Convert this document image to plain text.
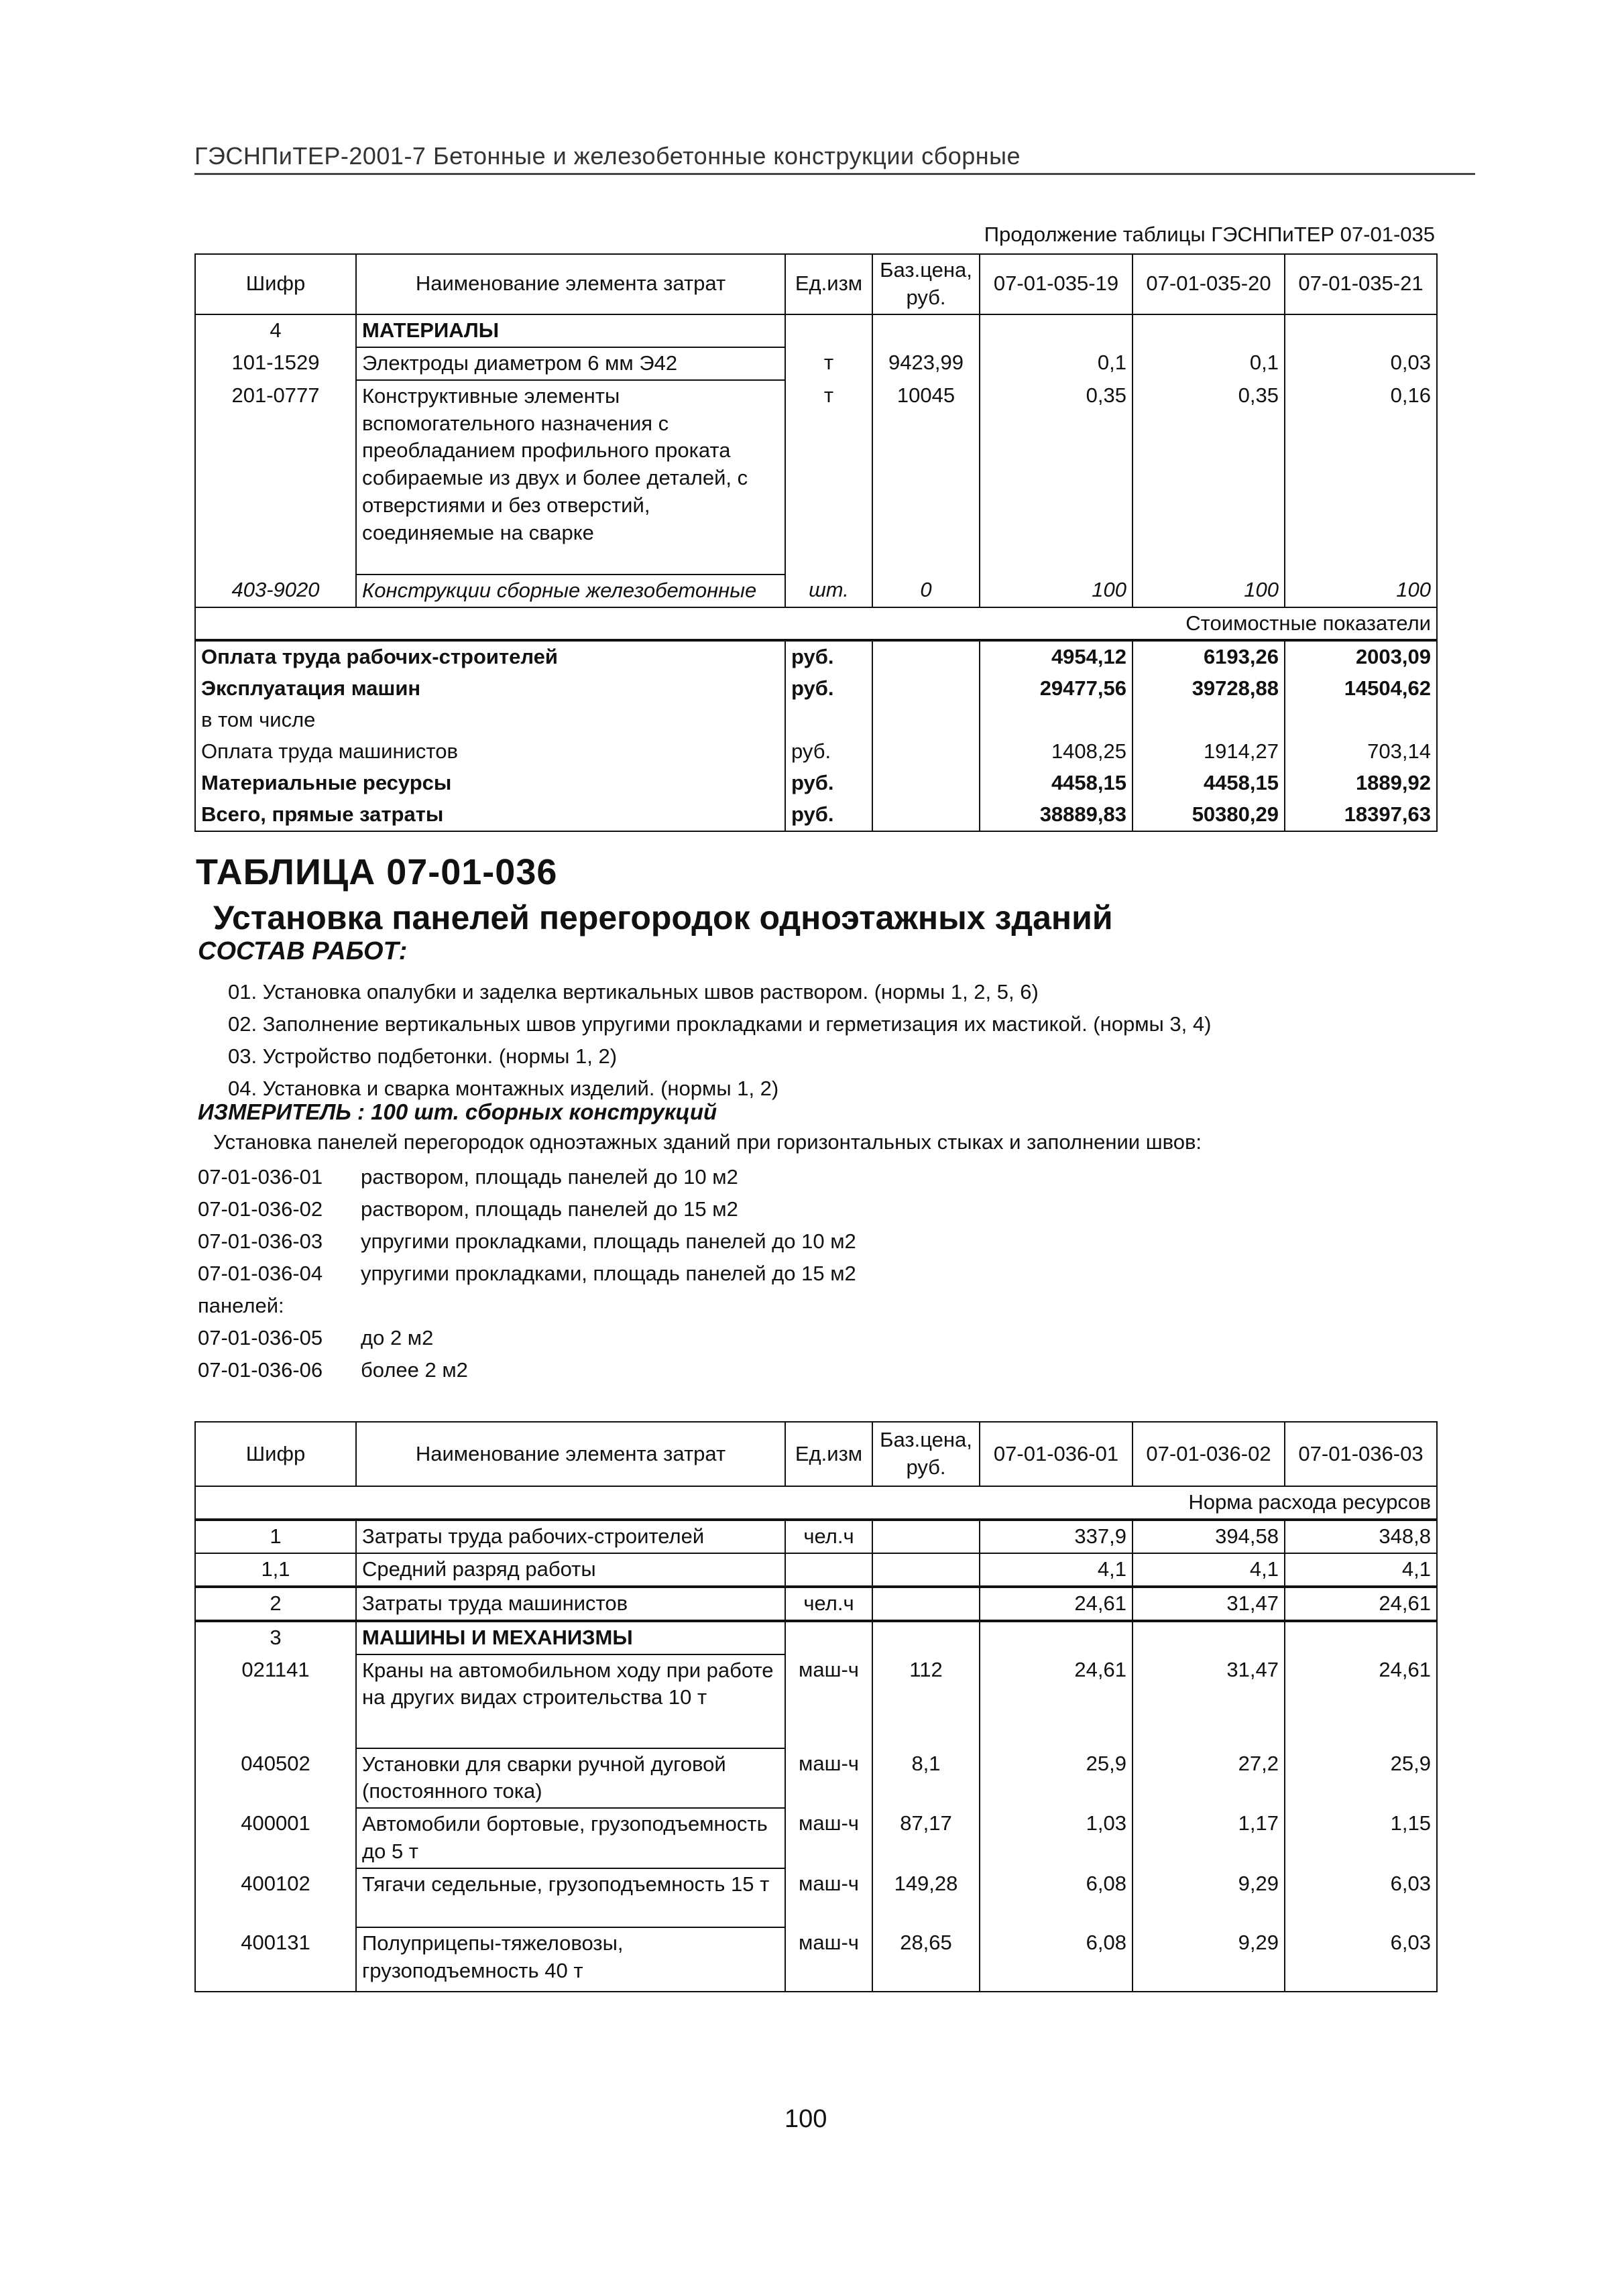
ГЭСНПиТЕР-2001-7 Бетонные и железобетонные конструкции сборные
Продолжение таблицы ГЭСНПиТЕР 07-01-035
Шифр	Наименование элемента затрат	Ед.изм	Баз.цена, руб.	07-01-035-19	07-01-035-20	07-01-035-21
4	МАТЕРИАЛЫ					
101-1529	Электроды диаметром 6 мм Э42	т	9423,99	0,1	0,1	0,03
201-0777	Конструктивные элементы вспомогательного назначения с преобладанием профильного проката собираемые из двух и более деталей, с отверстиями и без отверстий, соединяемые на сварке	т	10045	0,35	0,35	0,16
403-9020	Конструкции сборные железобетонные	шт.	0	100	100	100
Стоимостные показатели						
Оплата труда рабочих-строителей		руб.		4954,12	6193,26	2003,09
Эксплуатация машин		руб.		29477,56	39728,88	14504,62
в том числе						
Оплата труда машинистов		руб.		1408,25	1914,27	703,14
Материальные ресурсы		руб.		4458,15	4458,15	1889,92
Всего, прямые затраты		руб.		38889,83	50380,29	18397,63
ТАБЛИЦА 07-01-036
Установка панелей перегородок одноэтажных зданий
СОСТАВ РАБОТ:
01. Установка опалубки и заделка вертикальных швов раствором. (нормы 1, 2, 5, 6)
02. Заполнение вертикальных швов упругими прокладками и герметизация их мастикой. (нормы 3, 4)
03. Устройство подбетонки. (нормы 1, 2)
04. Установка и сварка монтажных изделий. (нормы 1, 2)
ИЗМЕРИТЕЛЬ : 100 шт. сборных конструкций
Установка панелей перегородок одноэтажных зданий при горизонтальных стыках и заполнении швов:
07-01-036-01 раствором, площадь панелей до 10 м2
07-01-036-02 раствором, площадь панелей до 15 м2
07-01-036-03 упругими прокладками, площадь панелей до 10 м2
07-01-036-04 упругими прокладками, площадь панелей до 15 м2
панелей:
07-01-036-05 до 2 м2
07-01-036-06 более 2 м2
Шифр	Наименование элемента затрат	Ед.изм	Баз.цена, руб.	07-01-036-01	07-01-036-02	07-01-036-03
Норма расхода ресурсов						
1	Затраты труда рабочих-строителей	чел.ч		337,9	394,58	348,8
1,1	Средний разряд работы			4,1	4,1	4,1
2	Затраты труда машинистов	чел.ч		24,61	31,47	24,61
3	МАШИНЫ И МЕХАНИЗМЫ					
021141	Краны на автомобильном ходу при работе на других видах строительства 10 т	маш-ч	112	24,61	31,47	24,61
040502	Установки для сварки ручной дуговой (постоянного тока)	маш-ч	8,1	25,9	27,2	25,9
400001	Автомобили бортовые, грузоподъемность до 5 т	маш-ч	87,17	1,03	1,17	1,15
400102	Тягачи седельные, грузоподъемность 15 т	маш-ч	149,28	6,08	9,29	6,03
400131	Полуприцепы-тяжеловозы, грузоподъемность 40 т	маш-ч	28,65	6,08	9,29	6,03
100
